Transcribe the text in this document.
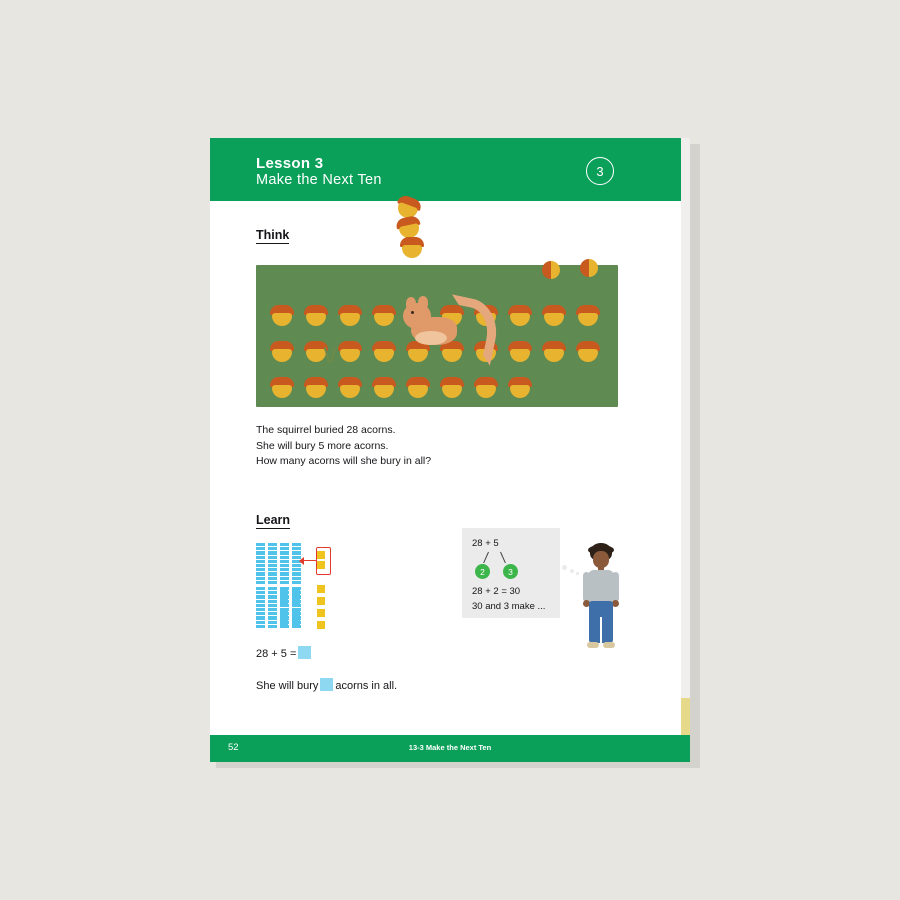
Lesson 3
Make the Next Ten
3
Think
The squirrel buried 28 acorns.
She will bury 5 more acorns.
How many acorns will she bury in all?
Learn
28 + 5 =
She will bury acorns in all.
28 + 5
2	3
28 + 2 = 30
30 and 3 make ...
52	13-3 Make the Next Ten
